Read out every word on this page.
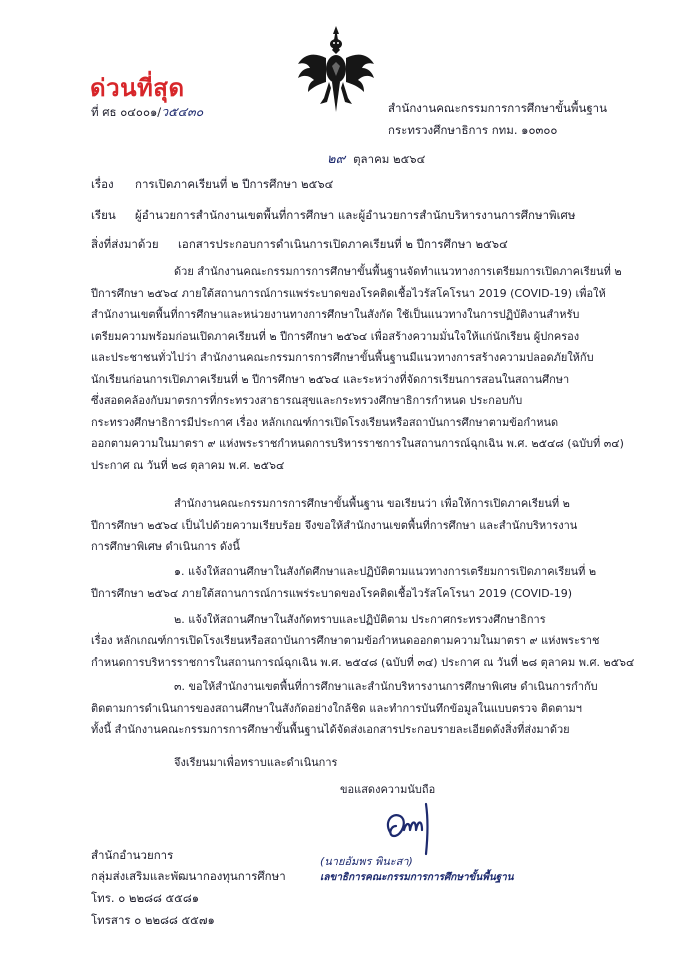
ด่วนที่สุด
ที่ ศธ ๐๔๐๐๑/ว๕๔๓๐	สำนักงานคณะกรรมการการศึกษาขั้นพื้นฐาน
กระทรวงศึกษาธิการ กทม. ๑๐๓๐๐
๒๙ ตุลาคม ๒๕๖๔
เรื่อง การเปิดภาคเรียนที่ ๒ ปีการศึกษา ๒๕๖๔
เรียน ผู้อำนวยการสำนักงานเขตพื้นที่การศึกษา และผู้อำนวยการสำนักบริหารงานการศึกษาพิเศษ
สิ่งที่ส่งมาด้วย เอกสารประกอบการดำเนินการเปิดภาคเรียนที่ ๒ ปีการศึกษา ๒๕๖๔
ด้วย สำนักงานคณะกรรมการการศึกษาขั้นพื้นฐานจัดทำแนวทางการเตรียมการเปิดภาคเรียนที่ ๒
ปีการศึกษา ๒๕๖๔ ภายใต้สถานการณ์การแพร่ระบาดของโรคติดเชื้อไวรัสโคโรนา 2019 (COVID-19) เพื่อให้
สำนักงานเขตพื้นที่การศึกษาและหน่วยงานทางการศึกษาในสังกัด ใช้เป็นแนวทางในการปฏิบัติงานสำหรับ
เตรียมความพร้อมก่อนเปิดภาคเรียนที่ ๒ ปีการศึกษา ๒๕๖๔ เพื่อสร้างความมั่นใจให้แก่นักเรียน ผู้ปกครอง
และประชาชนทั่วไปว่า สำนักงานคณะกรรมการการศึกษาขั้นพื้นฐานมีแนวทางการสร้างความปลอดภัยให้กับ
นักเรียนก่อนการเปิดภาคเรียนที่ ๒ ปีการศึกษา ๒๕๖๔ และระหว่างที่จัดการเรียนการสอนในสถานศึกษา
ซึ่งสอดคล้องกับมาตรการที่กระทรวงสาธารณสุขและกระทรวงศึกษาธิการกำหนด ประกอบกับ
กระทรวงศึกษาธิการมีประกาศ เรื่อง หลักเกณฑ์การเปิดโรงเรียนหรือสถาบันการศึกษาตามข้อกำหนด
ออกตามความในมาตรา ๙ แห่งพระราชกำหนดการบริหารราชการในสถานการณ์ฉุกเฉิน พ.ศ. ๒๕๔๘ (ฉบับที่ ๓๔)
ประกาศ ณ วันที่ ๒๘ ตุลาคม พ.ศ. ๒๕๖๔
สำนักงานคณะกรรมการการศึกษาขั้นพื้นฐาน ขอเรียนว่า เพื่อให้การเปิดภาคเรียนที่ ๒
ปีการศึกษา ๒๕๖๔ เป็นไปด้วยความเรียบร้อย จึงขอให้สำนักงานเขตพื้นที่การศึกษา และสำนักบริหารงาน
การศึกษาพิเศษ ดำเนินการ ดังนี้
๑. แจ้งให้สถานศึกษาในสังกัดศึกษาและปฏิบัติตามแนวทางการเตรียมการเปิดภาคเรียนที่ ๒
ปีการศึกษา ๒๕๖๔ ภายใต้สถานการณ์การแพร่ระบาดของโรคติดเชื้อไวรัสโคโรนา 2019 (COVID-19)
๒. แจ้งให้สถานศึกษาในสังกัดทราบและปฏิบัติตาม ประกาศกระทรวงศึกษาธิการ
เรื่อง หลักเกณฑ์การเปิดโรงเรียนหรือสถาบันการศึกษาตามข้อกำหนดออกตามความในมาตรา ๙ แห่งพระราช
กำหนดการบริหารราชการในสถานการณ์ฉุกเฉิน พ.ศ. ๒๕๔๘ (ฉบับที่ ๓๔) ประกาศ ณ วันที่ ๒๘ ตุลาคม พ.ศ. ๒๕๖๔
๓. ขอให้สำนักงานเขตพื้นที่การศึกษาและสำนักบริหารงานการศึกษาพิเศษ ดำเนินการกำกับ
ติดตามการดำเนินการของสถานศึกษาในสังกัดอย่างใกล้ชิด และทำการบันทึกข้อมูลในแบบตรวจ ติดตามฯ
ทั้งนี้ สำนักงานคณะกรรมการการศึกษาขั้นพื้นฐานได้จัดส่งเอกสารประกอบรายละเอียดดังสิ่งที่ส่งมาด้วย
จึงเรียนมาเพื่อทราบและดำเนินการ
ขอแสดงความนับถือ
(นายอัมพร พินะสา)
เลขาธิการคณะกรรมการการศึกษาขั้นพื้นฐาน
สำนักอำนวยการ
กลุ่มส่งเสริมและพัฒนากองทุนการศึกษา
โทร. ๐ ๒๒๘๘ ๕๕๘๑
โทรสาร ๐ ๒๒๘๘ ๕๕๗๑
